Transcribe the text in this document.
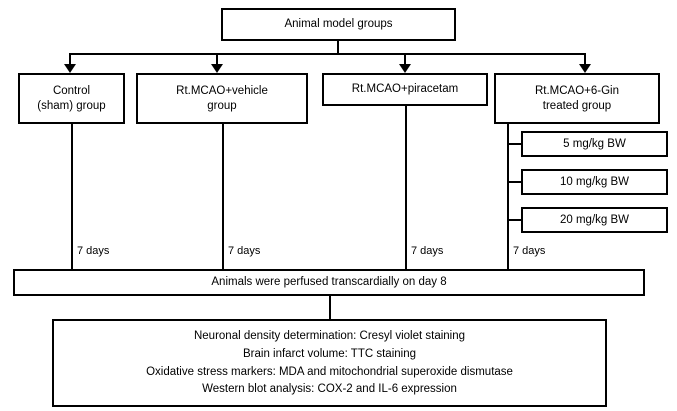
Animal model groups
Control
(sham) group
Rt.MCAO+vehicle
group
Rt.MCAO+piracetam	Rt.MCAO+6-Gin
treated group
5 mg/kg BW
10 mg/kg BW
20 mg/kg BW
7 days	7 days	7 days	7 days
Animals were perfused transcardially on day 8
Neuronal density determination: Cresyl violet staining
Brain infarct volume: TTC staining
Oxidative stress markers: MDA and mitochondrial superoxide dismutase
Western blot analysis: COX-2 and IL-6 expression
